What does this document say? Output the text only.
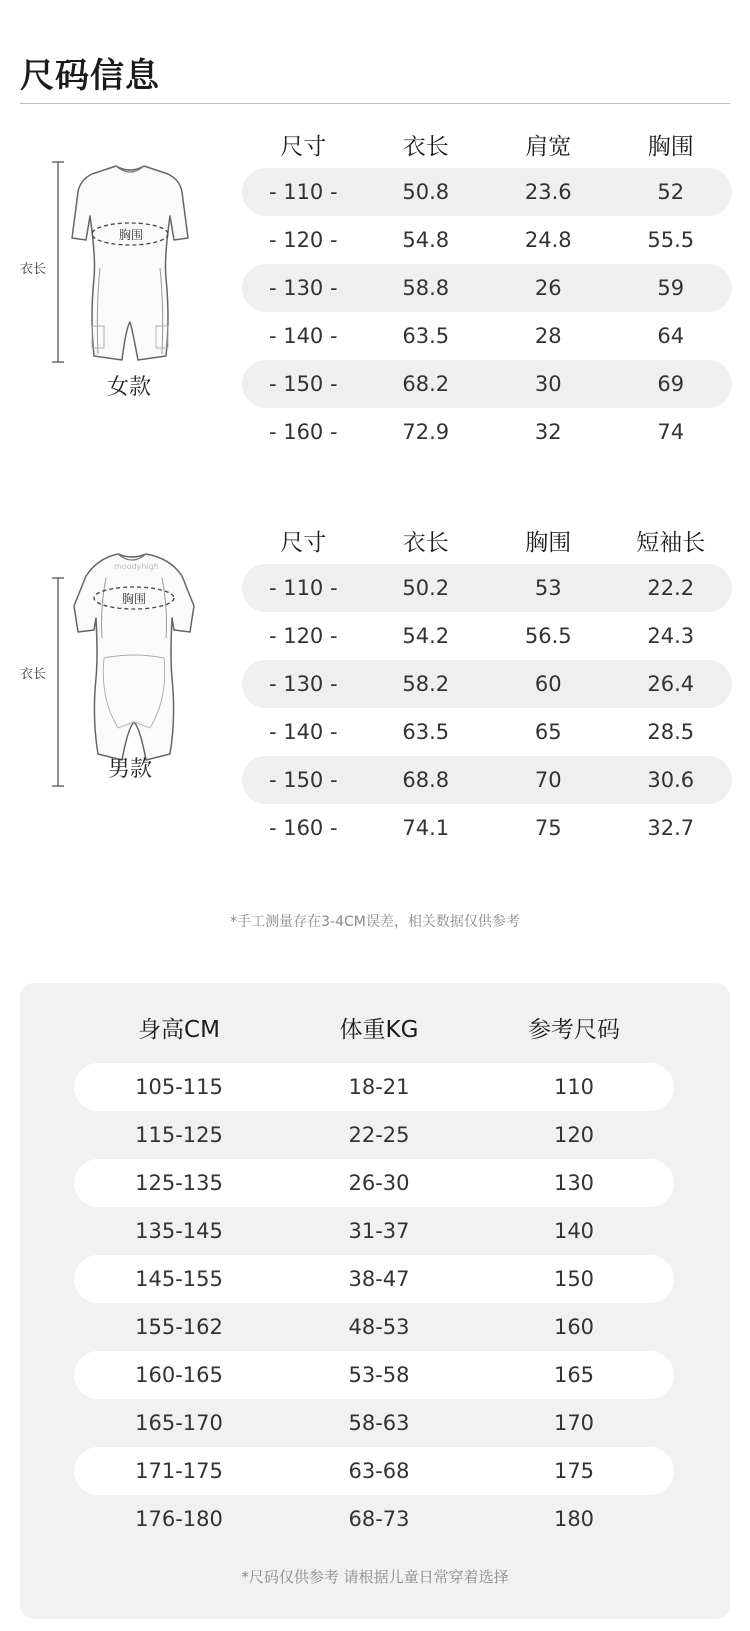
尺码信息
衣长
胸围
女款
尺寸	衣长	肩宽	胸围
- 110 -	50.8	23.6	52
- 120 -	54.8	24.8	55.5
- 130 -	58.8	26	59
- 140 -	63.5	28	64
- 150 -	68.2	30	69
- 160 -	72.9	32	74
衣长
moodyhigh
胸围
男款
尺寸	衣长	胸围	短袖长
- 110 -	50.2	53	22.2
- 120 -	54.2	56.5	24.3
- 130 -	58.2	60	26.4
- 140 -	63.5	65	28.5
- 150 -	68.8	70	30.6
- 160 -	74.1	75	32.7
*手工测量存在3-4CM误差，相关数据仅供参考
身高CM	体重KG	参考尺码
105-115	18-21	110
115-125	22-25	120
125-135	26-30	130
135-145	31-37	140
145-155	38-47	150
155-162	48-53	160
160-165	53-58	165
165-170	58-63	170
171-175	63-68	175
176-180	68-73	180
*尺码仅供参考 请根据儿童日常穿着选择
